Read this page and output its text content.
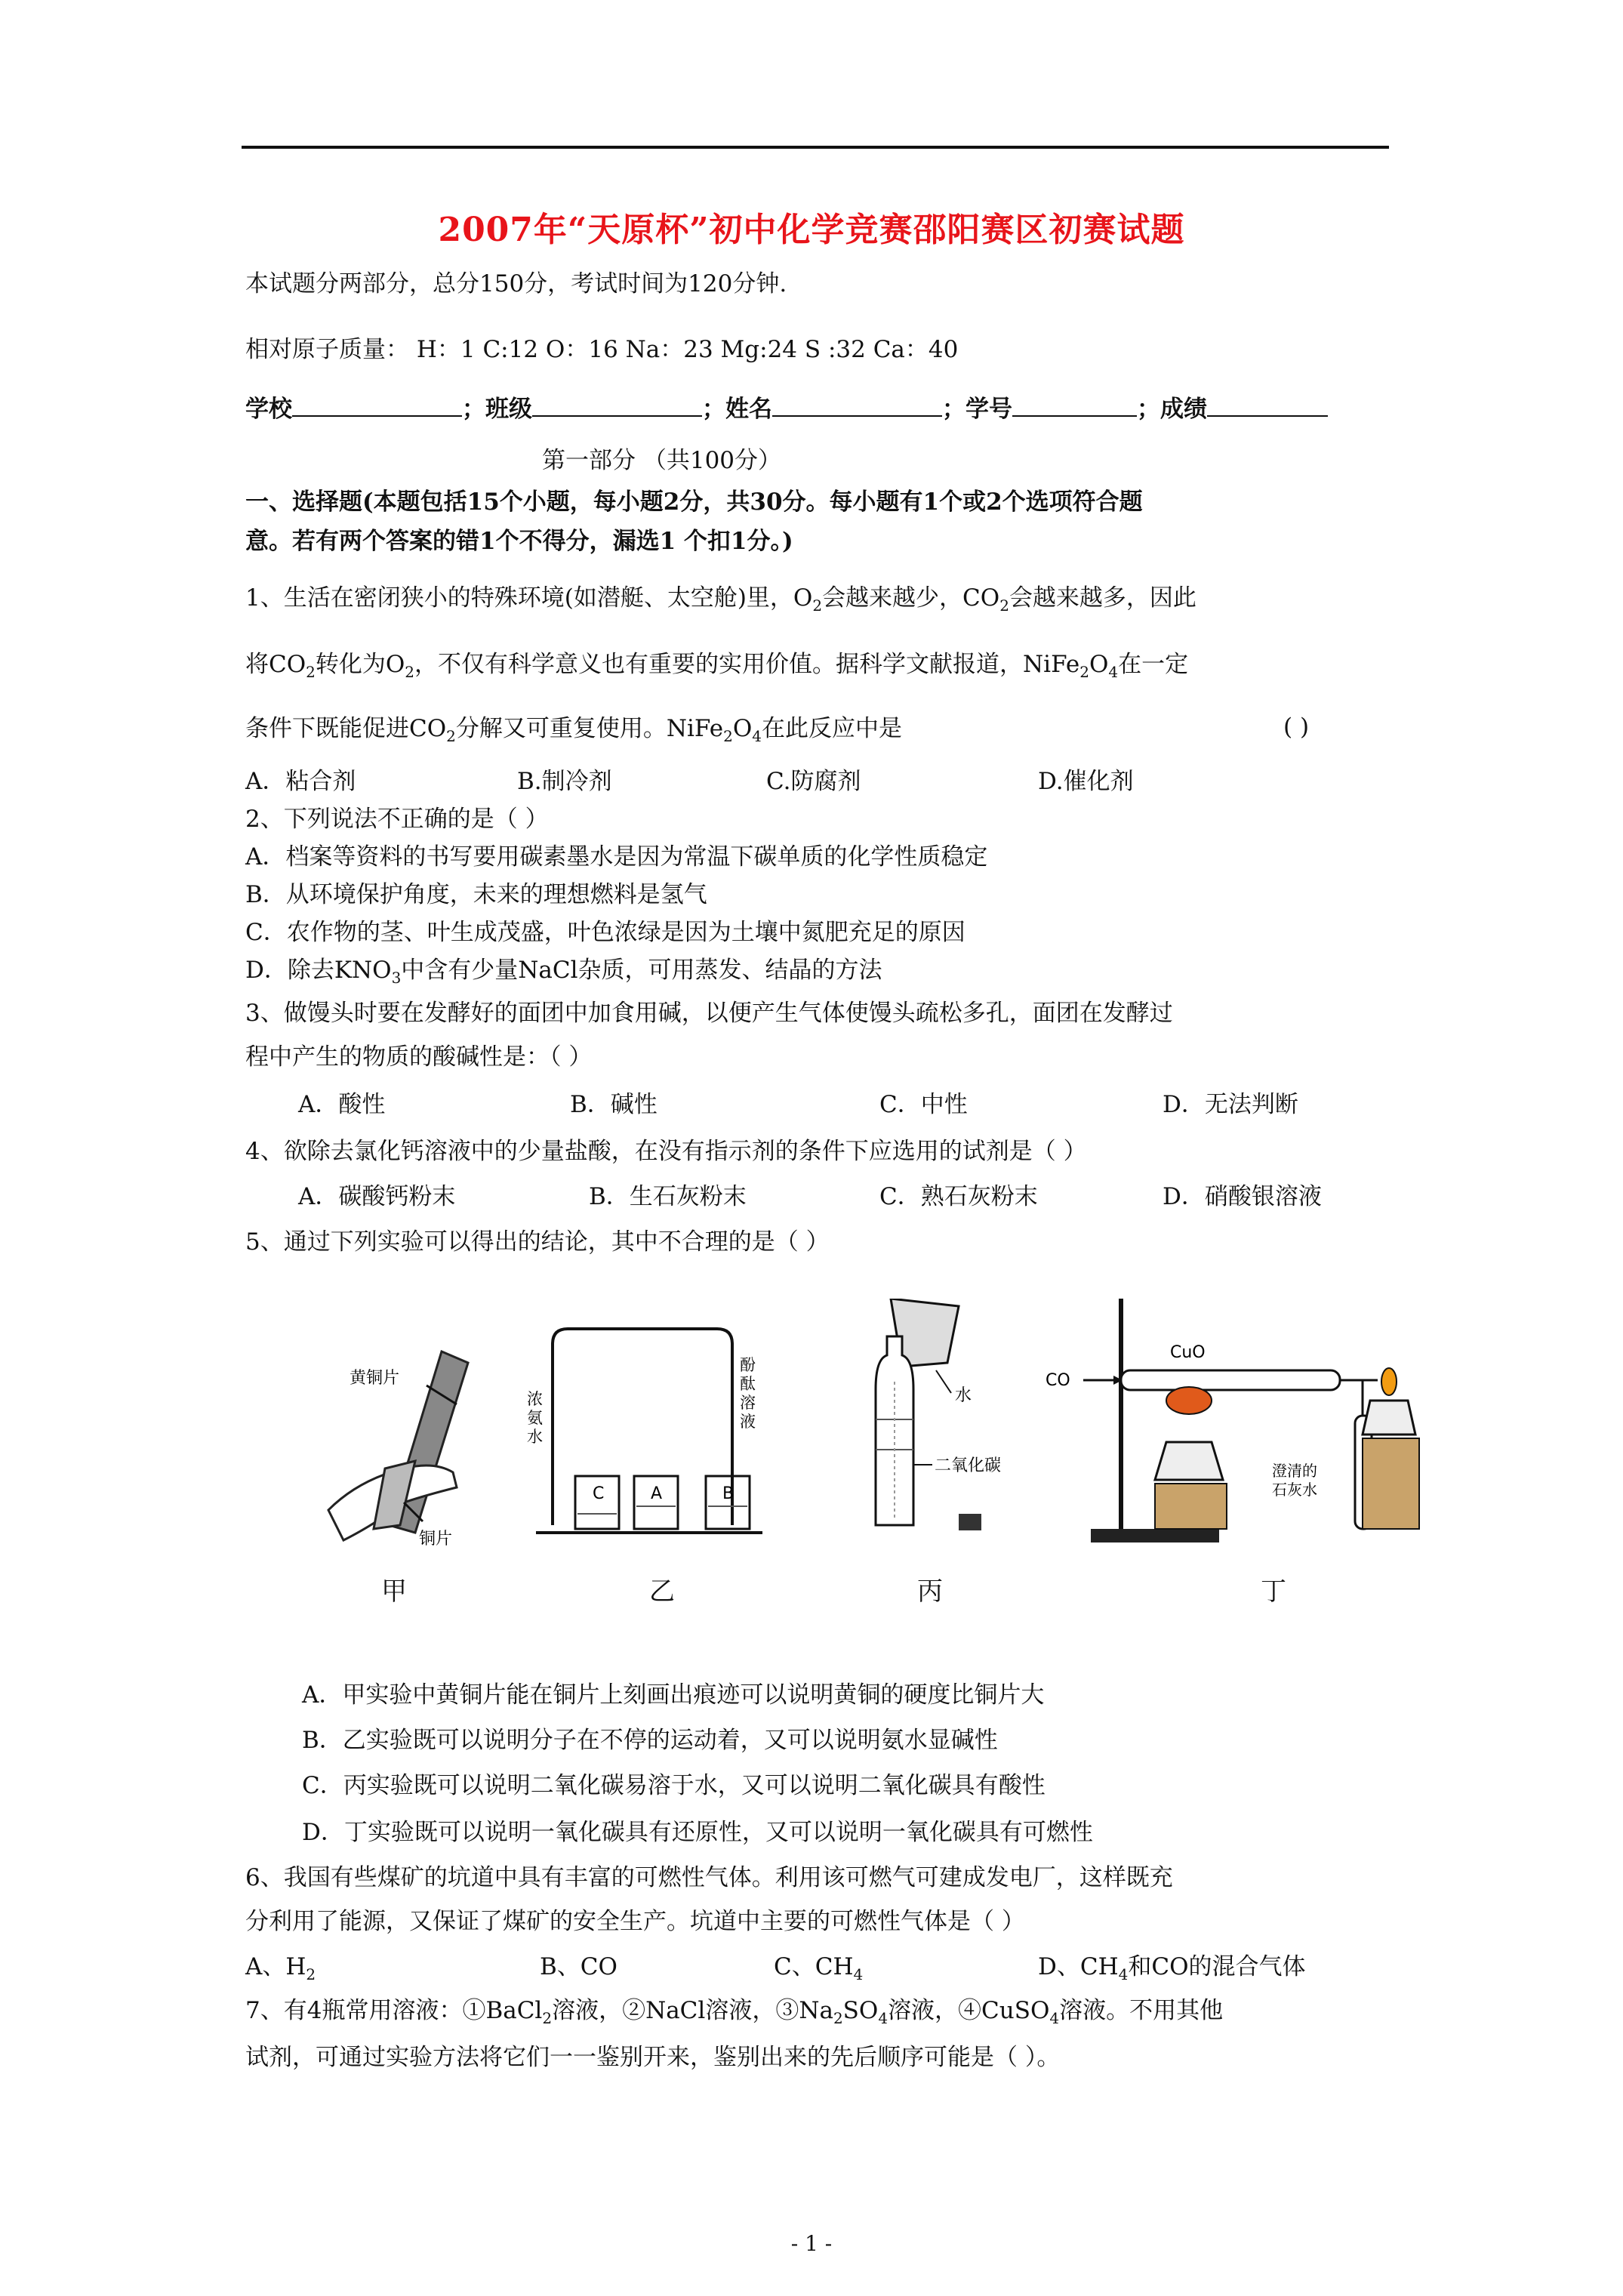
2007年“天原杯”初中化学竞赛邵阳赛区初赛试题
本试题分两部分，总分150分，考试时间为120分钟.
相对原子质量： H：1 C:12 O：16 Na：23 Mg:24 S :32 Ca：40
学校	；班级	；姓名	；学号	；成绩
第一部分 （共100分）
一、选择题(本题包括15个小题，每小题2分，共30分。每小题有1个或2个选项符合题
意。若有两个答案的错1个不得分，漏选1 个扣1分。)
1、生活在密闭狭小的特殊环境(如潜艇、太空舱)里，$O_2$会越来越少，$CO_2$会越来越多，因此
将$CO_2$转化为$O_2$，不仅有科学意义也有重要的实用价值。据科学文献报道，$NiFe_2O_4$在一定
条件下既能促进$CO_2$分解又可重复使用。$NiFe_2O_4$在此反应中是	( )
A．粘合剂	B.制冷剂	C.防腐剂	D.催化剂
2、下列说法不正确的是（ ）
A．档案等资料的书写要用碳素墨水是因为常温下碳单质的化学性质稳定
B．从环境保护角度，未来的理想燃料是氢气
C．农作物的茎、叶生成茂盛，叶色浓绿是因为土壤中氮肥充足的原因
D．除去$KNO_3$中含有少量NaCl杂质，可用蒸发、结晶的方法
3、做馒头时要在发酵好的面团中加食用碱，以便产生气体使馒头疏松多孔，面团在发酵过
程中产生的物质的酸碱性是：（ ）
A．酸性	B．碱性	C．中性	D．无法判断
4、欲除去氯化钙溶液中的少量盐酸，在没有指示剂的条件下应选用的试剂是（ ）
A．碳酸钙粉末	B．生石灰粉末	C．熟石灰粉末	D．硝酸银溶液
5、通过下列实验可以得出的结论，其中不合理的是（ ）
黄铜片
铜片
浓
氨
水
酚
酞
溶
液
C	A	B
水
二氧化碳
CO
CuO
澄清的
石灰水
甲	乙	丙	丁
A．甲实验中黄铜片能在铜片上刻画出痕迹可以说明黄铜的硬度比铜片大
B．乙实验既可以说明分子在不停的运动着，又可以说明氨水显碱性
C．丙实验既可以说明二氧化碳易溶于水，又可以说明二氧化碳具有酸性
D．丁实验既可以说明一氧化碳具有还原性，又可以说明一氧化碳具有可燃性
6、我国有些煤矿的坑道中具有丰富的可燃性气体。利用该可燃气可建成发电厂，这样既充
分利用了能源，又保证了煤矿的安全生产。坑道中主要的可燃性气体是（ ）
A、$H_2$	B、CO	C、$CH_4$	D、$CH_4$和CO的混合气体
7、有4瓶常用溶液：①BaCl$_2$溶液，②NaCl溶液，$③Na_2SO_4$溶液，④CuSO$_4$溶液。不用其他
试剂，可通过实验方法将它们一一鉴别开来，鉴别出来的先后顺序可能是（ ）。
- 1 -
